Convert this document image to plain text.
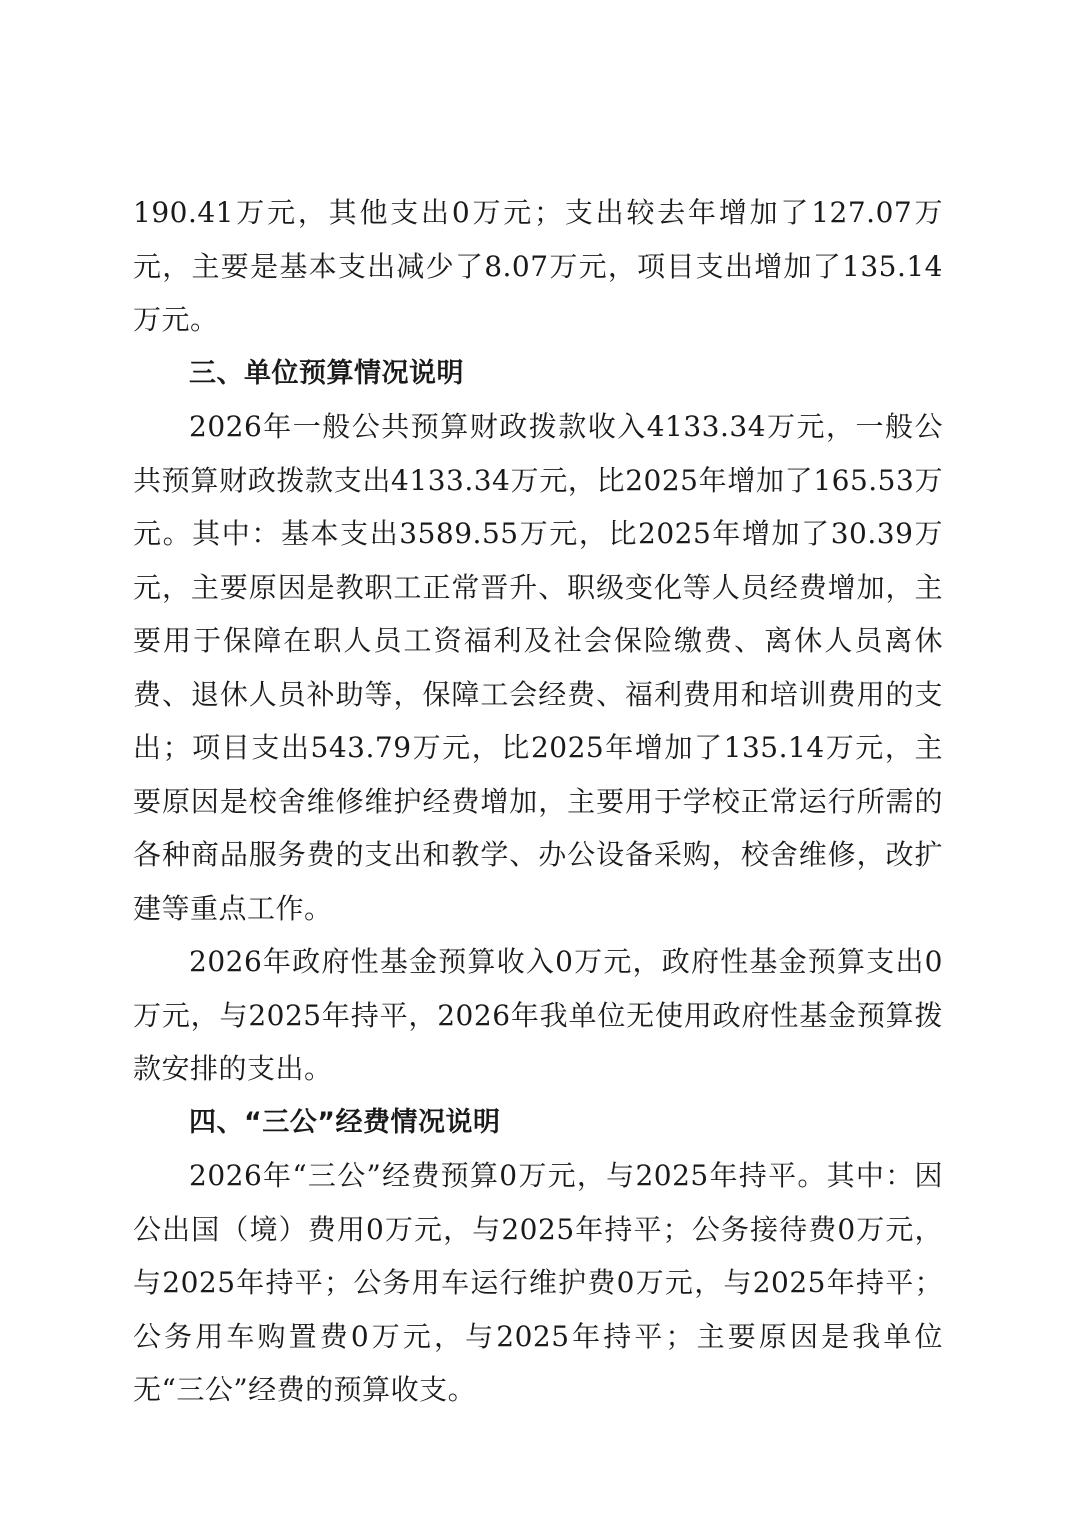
190.41万元，其他支出0万元；支出较去年增加了127.07万元，主要是基本支出减少了8.07万元，项目支出增加了135.14万元。

三、单位预算情况说明

2026年一般公共预算财政拨款收入4133.34万元，一般公共预算财政拨款支出4133.34万元，比2025年增加了165.53万元。其中：基本支出3589.55万元，比2025年增加了30.39万元，主要原因是教职工正常晋升、职级变化等人员经费增加，主要用于保障在职人员工资福利及社会保险缴费、离休人员离休费、退休人员补助等，保障工会经费、福利费用和培训费用的支出；项目支出543.79万元，比2025年增加了135.14万元，主要原因是校舍维修维护经费增加，主要用于学校正常运行所需的各种商品服务费的支出和教学、办公设备采购，校舍维修，改扩建等重点工作。

2026年政府性基金预算收入0万元，政府性基金预算支出0万元，与2025年持平，2026年我单位无使用政府性基金预算拨款安排的支出。

四、“三公”经费情况说明

2026年“三公”经费预算0万元，与2025年持平。其中：因公出国（境）费用0万元，与2025年持平；公务接待费0万元，与2025年持平；公务用车运行维护费0万元，与2025年持平；公务用车购置费0万元，与2025年持平；主要原因是我单位无“三公”经费的预算收支。
